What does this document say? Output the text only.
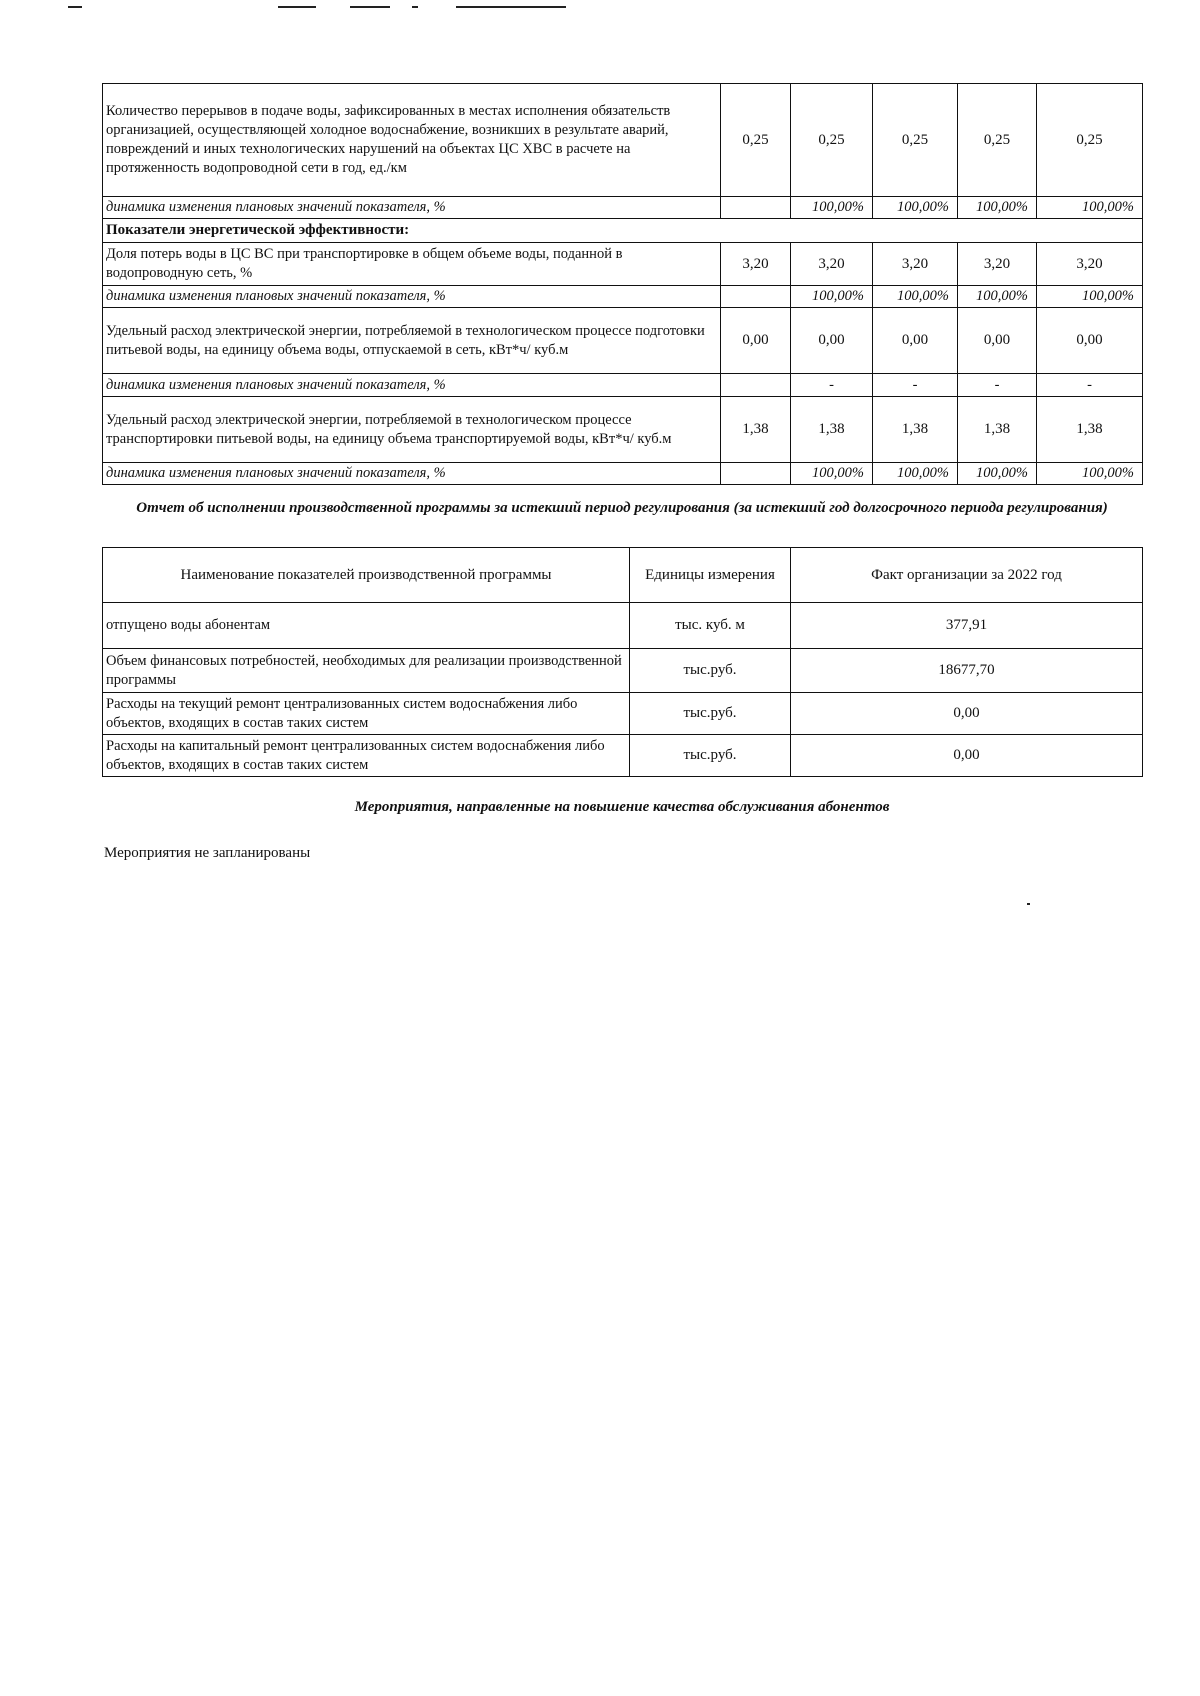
Количество перерывов в подаче воды, зафиксированных в местах исполнения обязательств организацией, осуществляющей холодное водоснабжение, возникших в результате аварий, повреждений и иных технологических нарушений на объектах ЦС ХВС в расчете на протяженность водопроводной сети в год, ед./км	0,25	0,25	0,25	0,25	0,25
динамика изменения плановых значений показателя, %		100,00%	100,00%	100,00%	100,00%
Показатели энергетической эффективности:					
Доля потерь воды в ЦС ВС при транспортировке в общем объеме воды, поданной в водопроводную сеть, %	3,20	3,20	3,20	3,20	3,20
динамика изменения плановых значений показателя, %		100,00%	100,00%	100,00%	100,00%
Удельный расход электрической энергии, потребляемой в технологическом процессе подготовки питьевой воды, на единицу объема воды, отпускаемой в сеть, кВт*ч/ куб.м	0,00	0,00	0,00	0,00	0,00
динамика изменения плановых значений показателя, %		-	-	-	-
Удельный расход электрической энергии, потребляемой в технологическом процессе транспортировки питьевой воды, на единицу объема транспортируемой воды, кВт*ч/ куб.м	1,38	1,38	1,38	1,38	1,38
динамика изменения плановых значений показателя, %		100,00%	100,00%	100,00%	100,00%
Отчет об исполнении производственной программы за истекший период регулирования (за истекший год долгосрочного периода регулирования)
Наименование показателей производственной программы	Единицы измерения	Факт организации за 2022 год
отпущено воды абонентам	тыс. куб. м	377,91
Объем финансовых потребностей, необходимых для реализации производственной программы	тыс.руб.	18677,70
Расходы на текущий ремонт централизованных систем водоснабжения либо объектов, входящих в состав таких систем	тыс.руб.	0,00
Расходы на капитальный ремонт централизованных систем водоснабжения либо объектов, входящих в состав таких систем	тыс.руб.	0,00
Мероприятия, направленные на повышение качества обслуживания абонентов
Мероприятия не запланированы
